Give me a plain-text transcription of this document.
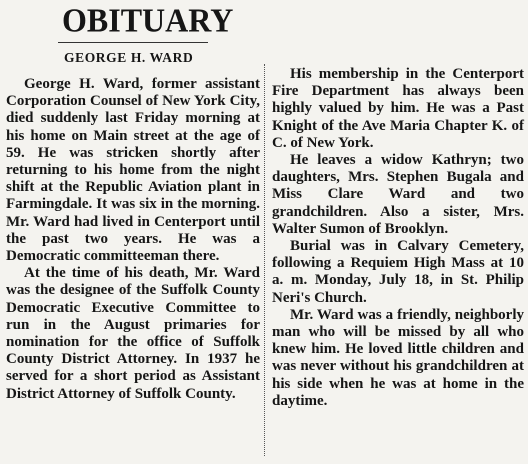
OBITUARY
GEORGE H. WARD

George H. Ward, former assistant Corporation Counsel of New York City, died suddenly last Friday morning at his home on Main street at the age of 59. He was stricken shortly after returning to his home from the night shift at the Republic Aviation plant in Farmingdale. It was six in the morning. Mr. Ward had lived in Centerport until the past two years. He was a Democratic committeeman there.

At the time of his death, Mr. Ward was the designee of the Suffolk County Democratic Executive Committee to run in the August primaries for nomination for the office of Suffolk County District Attorney. In 1937 he served for a short period as Assistant District Attorney of Suffolk County.

His membership in the Centerport Fire Department has always been highly valued by him. He was a Past Knight of the Ave Maria Chapter K. of C. of New York.

He leaves a widow Kathryn; two daughters, Mrs. Stephen Bugala and Miss Clare Ward and two grandchildren. Also a sister, Mrs. Walter Sumon of Brooklyn.

Burial was in Calvary Cemetery, following a Requiem High Mass at 10 a. m. Monday, July 18, in St. Philip Neri's Church.

Mr. Ward was a friendly, neighborly man who will be missed by all who knew him. He loved little children and was never without his grandchildren at his side when he was at home in the daytime.
